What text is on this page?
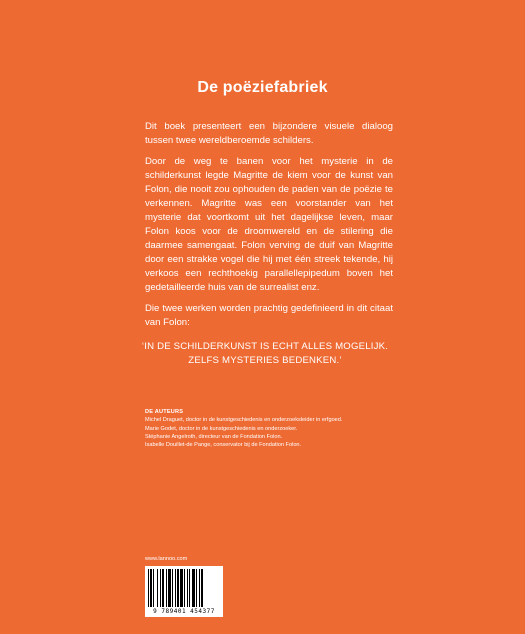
De poëziefabriek

Dit boek presenteert een bijzondere visuele dialoog tussen twee wereldberoemde schilders.

Door de weg te banen voor het mysterie in de schilderkunst legde Magritte de kiem voor de kunst van Folon, die nooit zou ophouden de paden van de poëzie te verkennen. Magritte was een voorstander van het mysterie dat voortkomt uit het dagelijkse leven, maar Folon koos voor de droomwereld en de stilering die daarmee samengaat. Folon verving de duif van Magritte door een strakke vogel die hij met één streek tekende, hij verkoos een rechthoekig parallellepipedum boven het gedetailleerde huis van de surrealist enz.

Die twee werken worden prachtig gedefinieerd in dit citaat van Folon:

‘IN DE SCHILDERKUNST IS ECHT ALLES MOGELIJK.
ZELFS MYSTERIES BEDENKEN.’
DE AUTEURS
Michel Draguet, doctor in de kunstgeschiedenis en onderzoeksleider in erfgoed.
Marie Godet, doctor in de kunstgeschiedenis en onderzoeker.
Stéphanie Angelroth, directeur van de Fondation Folon.
Isabelle Douillet-de Pange, conservator bij de Fondation Folon.
www.lannoo.com
9 789401 454377
